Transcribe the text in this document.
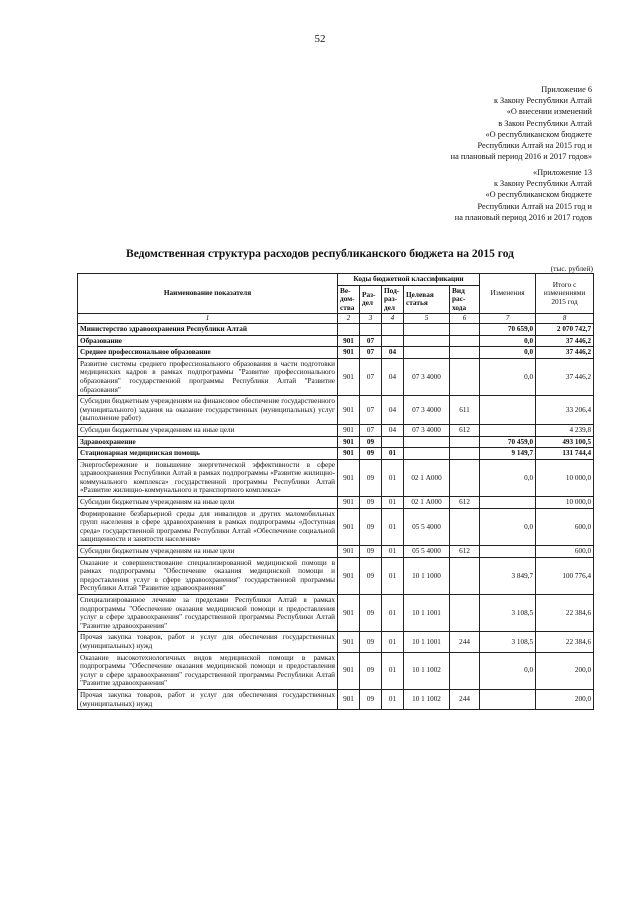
52
Приложение 6
к Закону Республики Алтай
«О внесении изменений
в Закон Республики Алтай
«О республиканском бюджете
Республики Алтай на 2015 год и
на плановый период 2016 и 2017 годов»
«Приложение 13
к Закону Республики Алтай
«О республиканском бюджете
Республики Алтай на 2015 год и
на плановый период 2016 и 2017 годов
Ведомственная структура расходов республиканского бюджета на 2015 год
(тыс. рублей)
Наименование показателя	Коды бюджетной классификации					Изменения	Итого с изменениями 2015 год
	Ве-дом-ства	Раз-дел	Под-раз-дел	Целевая статья	Вид рас-хода		
1	2	3	4	5	6	7	8
Министерство здравоохранения Республики Алтай						70 659,0	2 070 742,7
Образование	901	07				0,0	37 446,2
Среднее профессиональное образование	901	07	04			0,0	37 446,2
Развитие системы среднего профессионального образования в части подготовки медицинских кадров в рамках подпрограммы "Развитие профессионального образования" государственной программы Республики Алтай "Развитие образования"	901	07	04	07 3 4000		0,0	37 446,2
Субсидии бюджетным учреждениям на финансовое обеспечение государственного (муниципального) задания на оказание государственных (муниципальных) услуг (выполнение работ)	901	07	04	07 3 4000	611		33 206,4
Субсидии бюджетным учреждениям на иные цели	901	07	04	07 3 4000	612		4 239,8
Здравоохранение	901	09				70 459,0	493 100,5
Стационарная медицинская помощь	901	09	01			9 149,7	131 744,4
Энергосбережение и повышение энергетической эффективности в сфере здравоохранения Республики Алтай в рамках подпрограммы «Развитие жилищно-коммунального комплекса» государственной программы Республики Алтай «Развитие жилищно-коммунального и транспортного комплекса»	901	09	01	02 1 А000		0,0	10 000,0
Субсидии бюджетным учреждениям на иные цели	901	09	01	02 1 А000	612		10 000,0
Формирование безбарьерной среды для инвалидов и других маломобильных групп населения в сфере здравоохранения в рамках подпрограммы «Доступная среда» государственной программы Республики Алтай «Обеспечение социальной защищенности и занятости населения»	901	09	01	05 5 4000		0,0	600,0
Субсидии бюджетным учреждениям на иные цели	901	09	01	05 5 4000	612		600,0
Оказание и совершенствование специализированной медицинской помощи в рамках подпрограммы "Обеспечение оказания медицинской помощи и предоставления услуг в сфере здравоохранения" государственной программы Республики Алтай "Развитие здравоохранения"	901	09	01	10 1 1000		3 849,7	100 776,4
Специализированное лечение за пределами Республики Алтай в рамках подпрограммы "Обеспечение оказания медицинской помощи и предоставления услуг в сфере здравоохранения" государственной программы Республики Алтай "Развитие здравоохранения"	901	09	01	10 1 1001		3 108,5	22 384,6
Прочая закупка товаров, работ и услуг для обеспечения государственных (муниципальных) нужд	901	09	01	10 1 1001	244	3 108,5	22 384,6
Оказание высокотехнологичных видов медицинской помощи в рамках подпрограммы "Обеспечение оказания медицинской помощи и предоставления услуг в сфере здравоохранения" государственной программы Республики Алтай "Развитие здравоохранения"	901	09	01	10 1 1002		0,0	200,0
Прочая закупка товаров, работ и услуг для обеспечения государственных (муниципальных) нужд	901	09	01	10 1 1002	244		200,0
